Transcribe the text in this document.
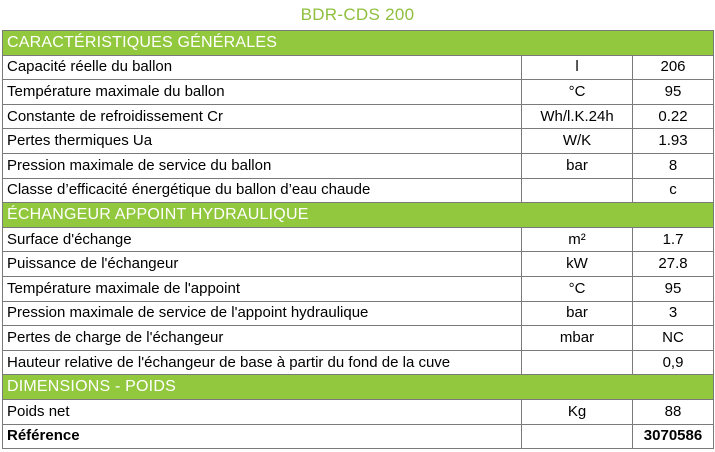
BDR-CDS 200
CARACTÉRISTIQUES GÉNÉRALES		
Capacité réelle du ballon	l	206
Température maximale du ballon	°C	95
Constante de refroidissement Cr	Wh/l.K.24h	0.22
Pertes thermiques Ua	W/K	1.93
Pression maximale de service du ballon	bar	8
Classe d’efficacité énergétique du ballon d’eau chaude		c
ÉCHANGEUR APPOINT HYDRAULIQUE		
Surface d'échange	m²	1.7
Puissance de l'échangeur	kW	27.8
Température maximale de l'appoint	°C	95
Pression maximale de service de l'appoint hydraulique	bar	3
Pertes de charge de l'échangeur	mbar	NC
Hauteur relative de l'échangeur de base à partir du fond de la cuve		0,9
DIMENSIONS - POIDS		
Poids net	Kg	88
Référence		3070586
